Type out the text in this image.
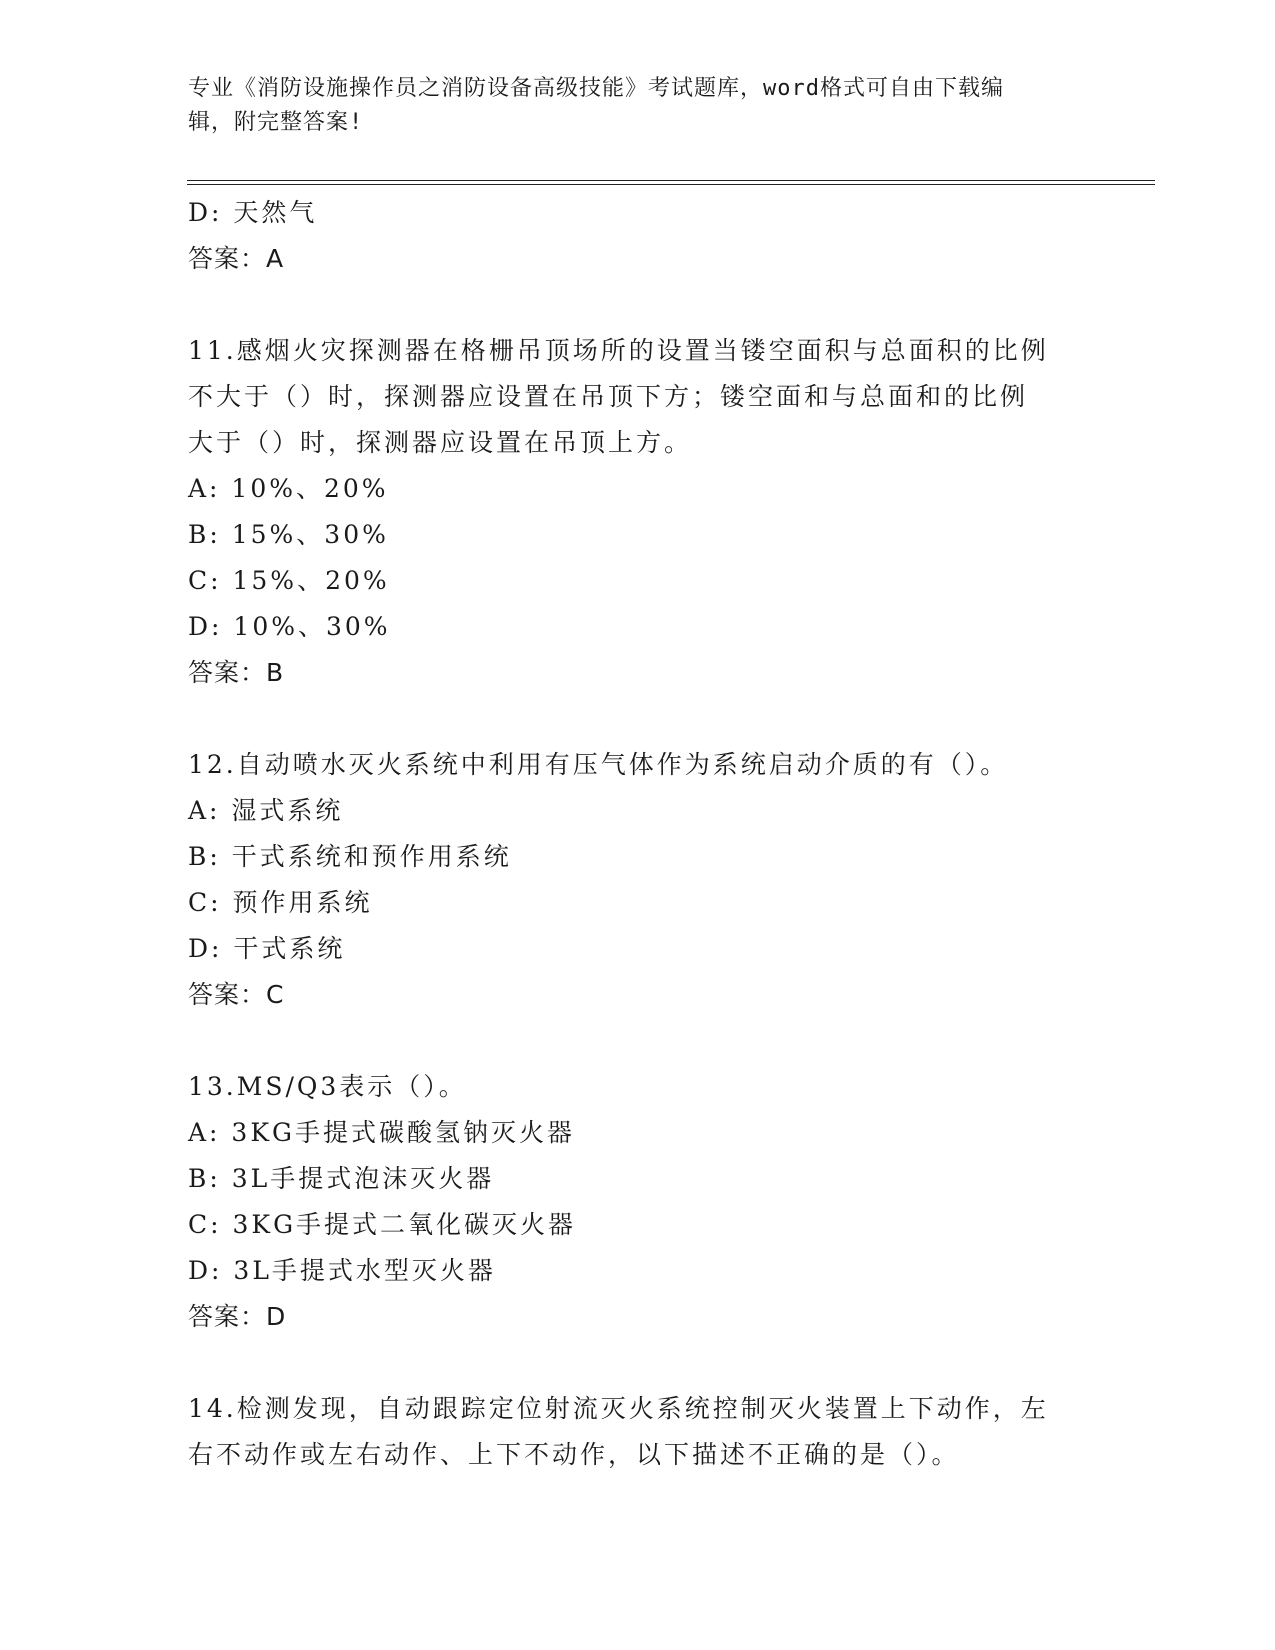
专业《消防设施操作员之消防设备高级技能》考试题库，word格式可自由下载编
辑，附完整答案!
D: 天然气
答案：A
11.感烟火灾探测器在格栅吊顶场所的设置当镂空面积与总面积的比例
不大于（）时，探测器应设置在吊顶下方；镂空面和与总面和的比例
大于（）时，探测器应设置在吊顶上方。
A: 10%、20%
B: 15%、30%
C: 15%、20%
D: 10%、30%
答案：B
12.自动喷水灭火系统中利用有压气体作为系统启动介质的有（）。
A: 湿式系统
B: 干式系统和预作用系统
C: 预作用系统
D: 干式系统
答案：C
13.MS/Q3表示（）。
A: 3KG手提式碳酸氢钠灭火器
B: 3L手提式泡沫灭火器
C: 3KG手提式二氧化碳灭火器
D: 3L手提式水型灭火器
答案：D
14.检测发现，自动跟踪定位射流灭火系统控制灭火装置上下动作，左
右不动作或左右动作、上下不动作，以下描述不正确的是（）。
